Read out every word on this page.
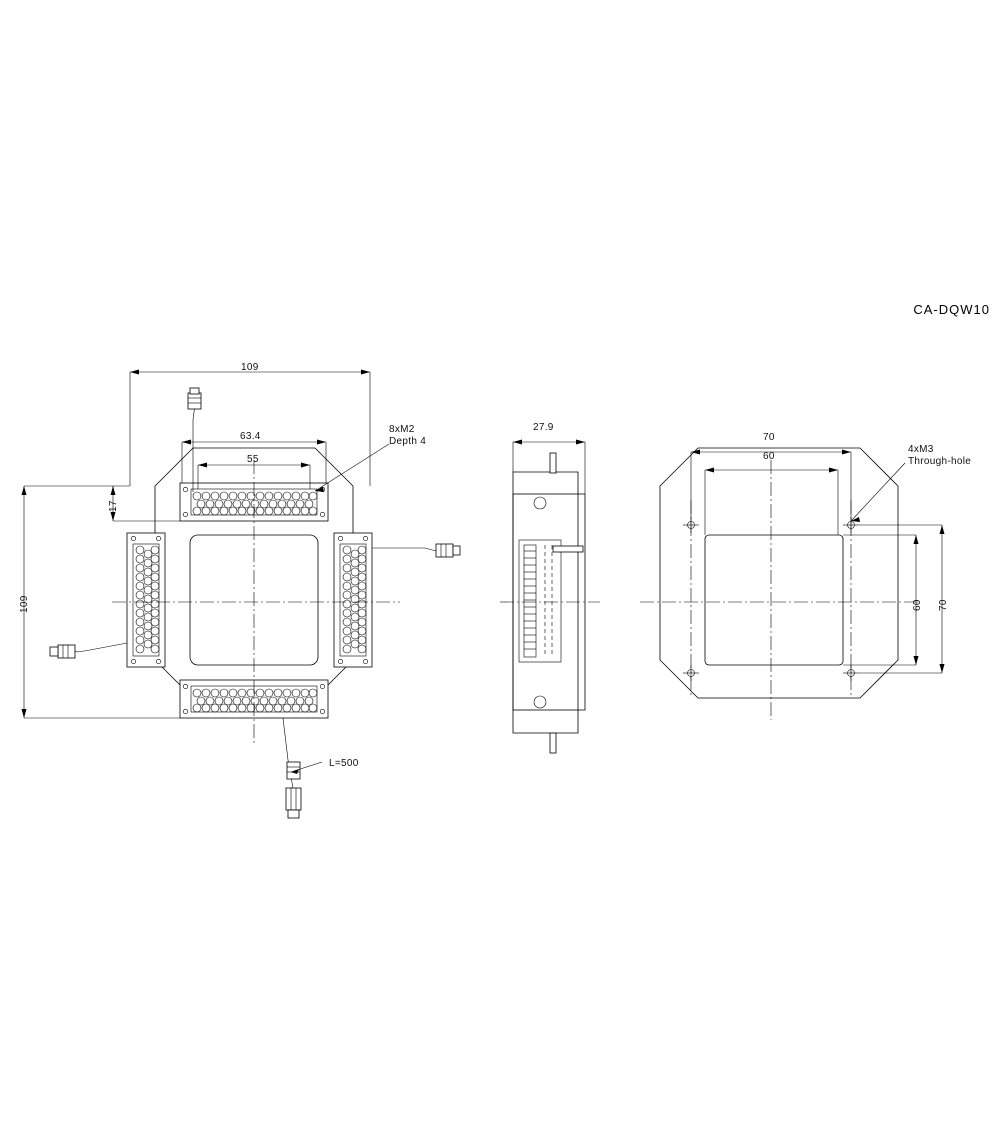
CA-DQW10
109
109
63.4
55
17
8xM2
Depth 4
L=500
27.9
70
60
60 70
4xM3
Through-hole
